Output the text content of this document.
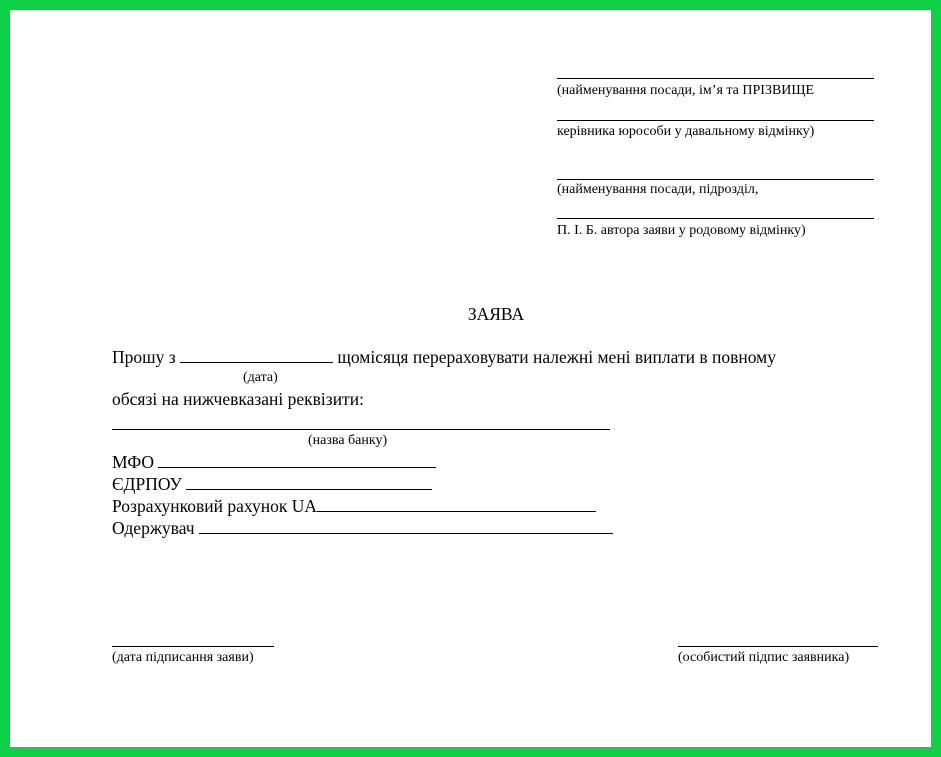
(найменування посади, ім’я та ПРІЗВИЩЕ
керівника юрособи у давальному відмінку)
(найменування посади, підрозділ,
П. І. Б. автора заяви у родовому відмінку)
ЗАЯВА
Прошу з	щомісяця перераховувати належні мені виплати в повному
(дата)
обсязі на нижчевказані реквізити:
(назва банку)
МФО
ЄДРПОУ
Розрахунковий рахунок UA
Одержувач
(дата підписання заяви)	(особистий підпис заявника)
